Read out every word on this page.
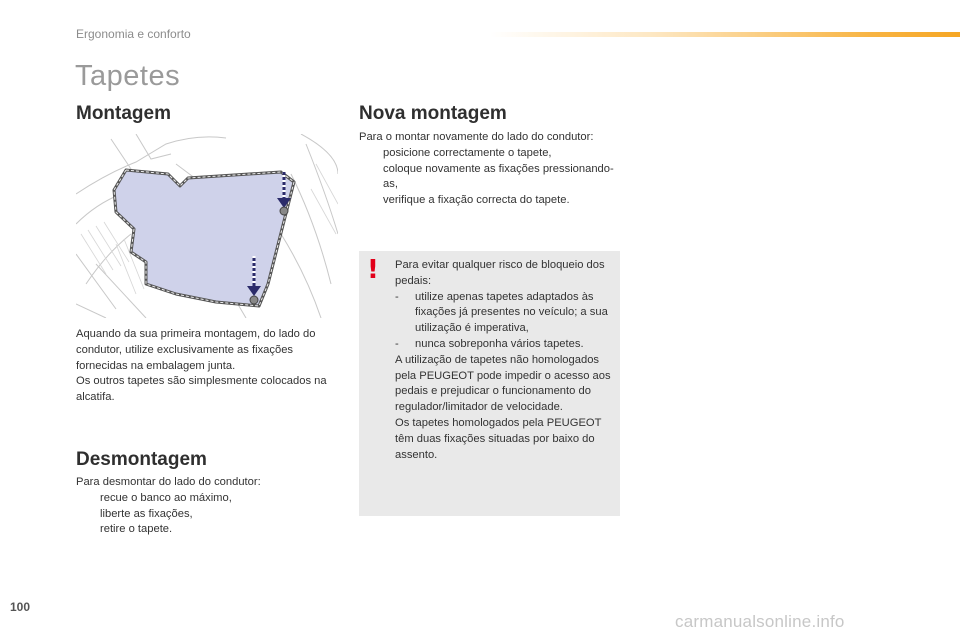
Ergonomia e conforto
Tapetes
Montagem
Aquando da sua primeira montagem, do lado do condutor, utilize exclusivamente as fixações fornecidas na embalagem junta.
Os outros tapetes são simplesmente colocados na alcatifa.
Desmontagem
Para desmontar do lado do condutor:
recue o banco ao máximo,
liberte as fixações,
retire o tapete.
Nova montagem
Para o montar novamente do lado do condutor:
posicione correctamente o tapete,
coloque novamente as fixações pressionando-as,
verifique a fixação correcta do tapete.
! Para evitar qualquer risco de bloqueio dos pedais:
- utilize apenas tapetes adaptados às fixações já presentes no veículo; a sua utilização é imperativa,
- nunca sobreponha vários tapetes.
A utilização de tapetes não homologados pela PEUGEOT pode impedir o acesso aos pedais e prejudicar o funcionamento do regulador/limitador de velocidade.
Os tapetes homologados pela PEUGEOT têm duas fixações situadas por baixo do assento.
100
carmanualsonline.info
